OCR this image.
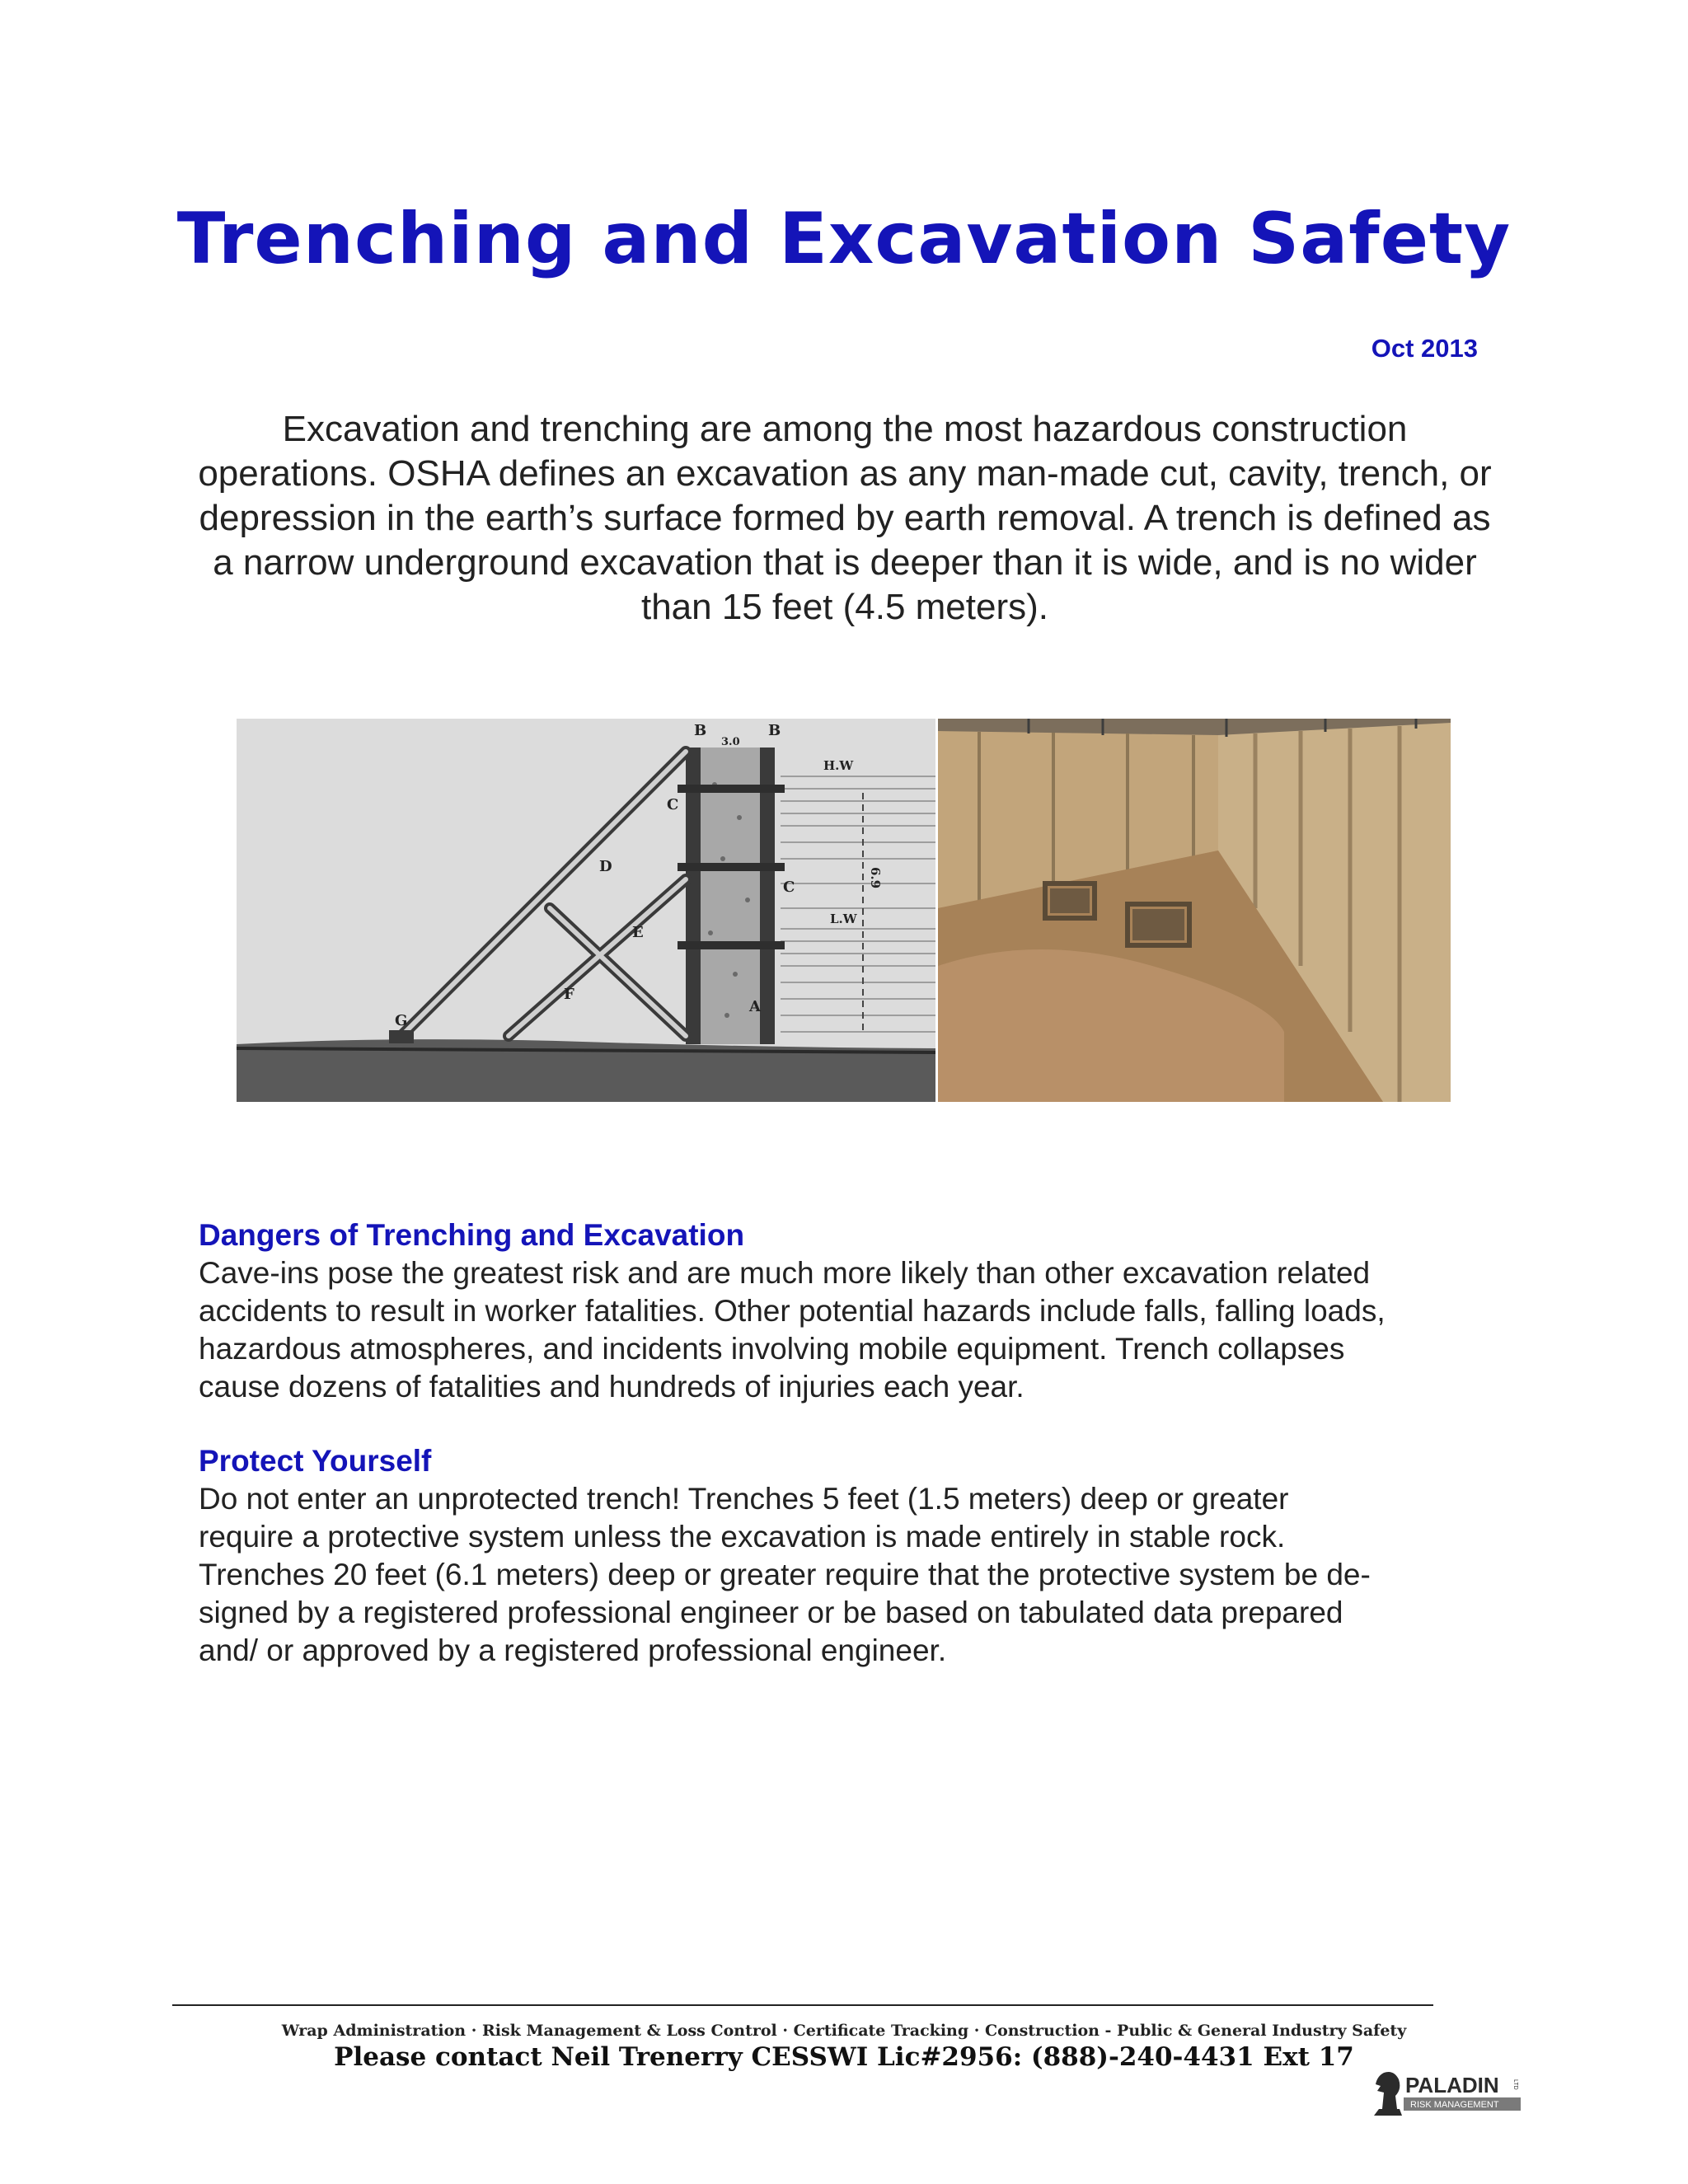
Trenching and Excavation Safety
Oct 2013

Excavation and trenching are among the most hazardous construction operations. OSHA defines an excavation as any man-made cut, cavity, trench, or depression in the earth’s surface formed by earth removal. A trench is defined as a narrow underground excavation that is deeper than it is wide, and is no wider than 15 feet (4.5 meters).

B	B
3.0
H.W
L.W
C
C
D
E
F
A
G
6.9
Dangers of Trenching and Excavation
Cave-ins pose the greatest risk and are much more likely than other excavation related
accidents to result in worker fatalities. Other potential hazards include falls, falling loads,
hazardous atmospheres, and incidents involving mobile equipment. Trench collapses
cause dozens of fatalities and hundreds of injuries each year.
Protect Yourself
Do not enter an unprotected trench! Trenches 5 feet (1.5 meters) deep or greater
require a protective system unless the excavation is made entirely in stable rock.
Trenches 20 feet (6.1 meters) deep or greater require that the protective system be de-
signed by a registered professional engineer or be based on tabulated data prepared
and/ or approved by a registered professional engineer.
Wrap Administration · Risk Management & Loss Control · Certificate Tracking · Construction - Public & General Industry Safety
Please contact Neil Trenerry CESSWI Lic#2956: (888)-240-4431 Ext 17
PALADIN LTD
RISK MANAGEMENT
